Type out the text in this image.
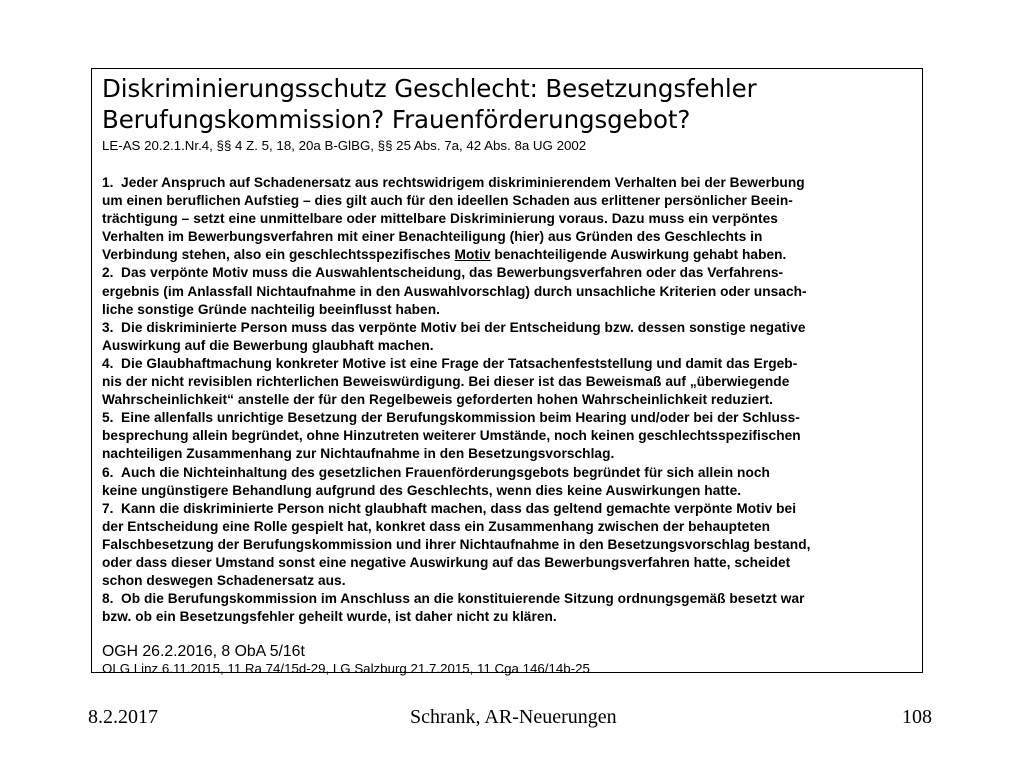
Diskriminierungsschutz Geschlecht: Besetzungsfehler
Berufungskommission? Frauenförderungsgebot?

LE-AS 20.2.1.Nr.4, §§ 4 Z. 5, 18, 20a B-GlBG, §§ 25 Abs. 7a, 42 Abs. 8a UG 2002

1. Jeder Anspruch auf Schadenersatz aus rechtswidrigem diskriminierendem Verhalten bei der Bewerbung
um einen beruflichen Aufstieg – dies gilt auch für den ideellen Schaden aus erlittener persönlicher Beein-
trächtigung – setzt eine unmittelbare oder mittelbare Diskriminierung voraus. Dazu muss ein verpöntes
Verhalten im Bewerbungsverfahren mit einer Benachteiligung (hier) aus Gründen des Geschlechts in
Verbindung stehen, also ein geschlechtsspezifisches Motiv benachteiligende Auswirkung gehabt haben.
2. Das verpönte Motiv muss die Auswahlentscheidung, das Bewerbungsverfahren oder das Verfahrens-
ergebnis (im Anlassfall Nichtaufnahme in den Auswahlvorschlag) durch unsachliche Kriterien oder unsach-
liche sonstige Gründe nachteilig beeinflusst haben.
3. Die diskriminierte Person muss das verpönte Motiv bei der Entscheidung bzw. dessen sonstige negative
Auswirkung auf die Bewerbung glaubhaft machen.
4. Die Glaubhaftmachung konkreter Motive ist eine Frage der Tatsachenfeststellung und damit das Ergeb-
nis der nicht revisiblen richterlichen Beweiswürdigung. Bei dieser ist das Beweismaß auf „überwiegende
Wahrscheinlichkeit“ anstelle der für den Regelbeweis geforderten hohen Wahrscheinlichkeit reduziert.
5. Eine allenfalls unrichtige Besetzung der Berufungskommission beim Hearing und/oder bei der Schluss-
besprechung allein begründet, ohne Hinzutreten weiterer Umstände, noch keinen geschlechtsspezifischen
nachteiligen Zusammenhang zur Nichtaufnahme in den Besetzungsvorschlag.
6. Auch die Nichteinhaltung des gesetzlichen Frauenförderungsgebots begründet für sich allein noch
keine ungünstigere Behandlung aufgrund des Geschlechts, wenn dies keine Auswirkungen hatte.
7. Kann die diskriminierte Person nicht glaubhaft machen, dass das geltend gemachte verpönte Motiv bei
der Entscheidung eine Rolle gespielt hat, konkret dass ein Zusammenhang zwischen der behaupteten
Falschbesetzung der Berufungskommission und ihrer Nichtaufnahme in den Besetzungsvorschlag bestand,
oder dass dieser Umstand sonst eine negative Auswirkung auf das Bewerbungsverfahren hatte, scheidet
schon deswegen Schadenersatz aus.
8. Ob die Berufungskommission im Anschluss an die konstituierende Sitzung ordnungsgemäß besetzt war
bzw. ob ein Besetzungsfehler geheilt wurde, ist daher nicht zu klären.
OGH 26.2.2016, 8 ObA 5/16t

OLG Linz 6.11.2015, 11 Ra 74/15d-29, LG Salzburg 21.7.2015, 11 Cga 146/14b-25

8.2.2017	Schrank, AR-Neuerungen	108
